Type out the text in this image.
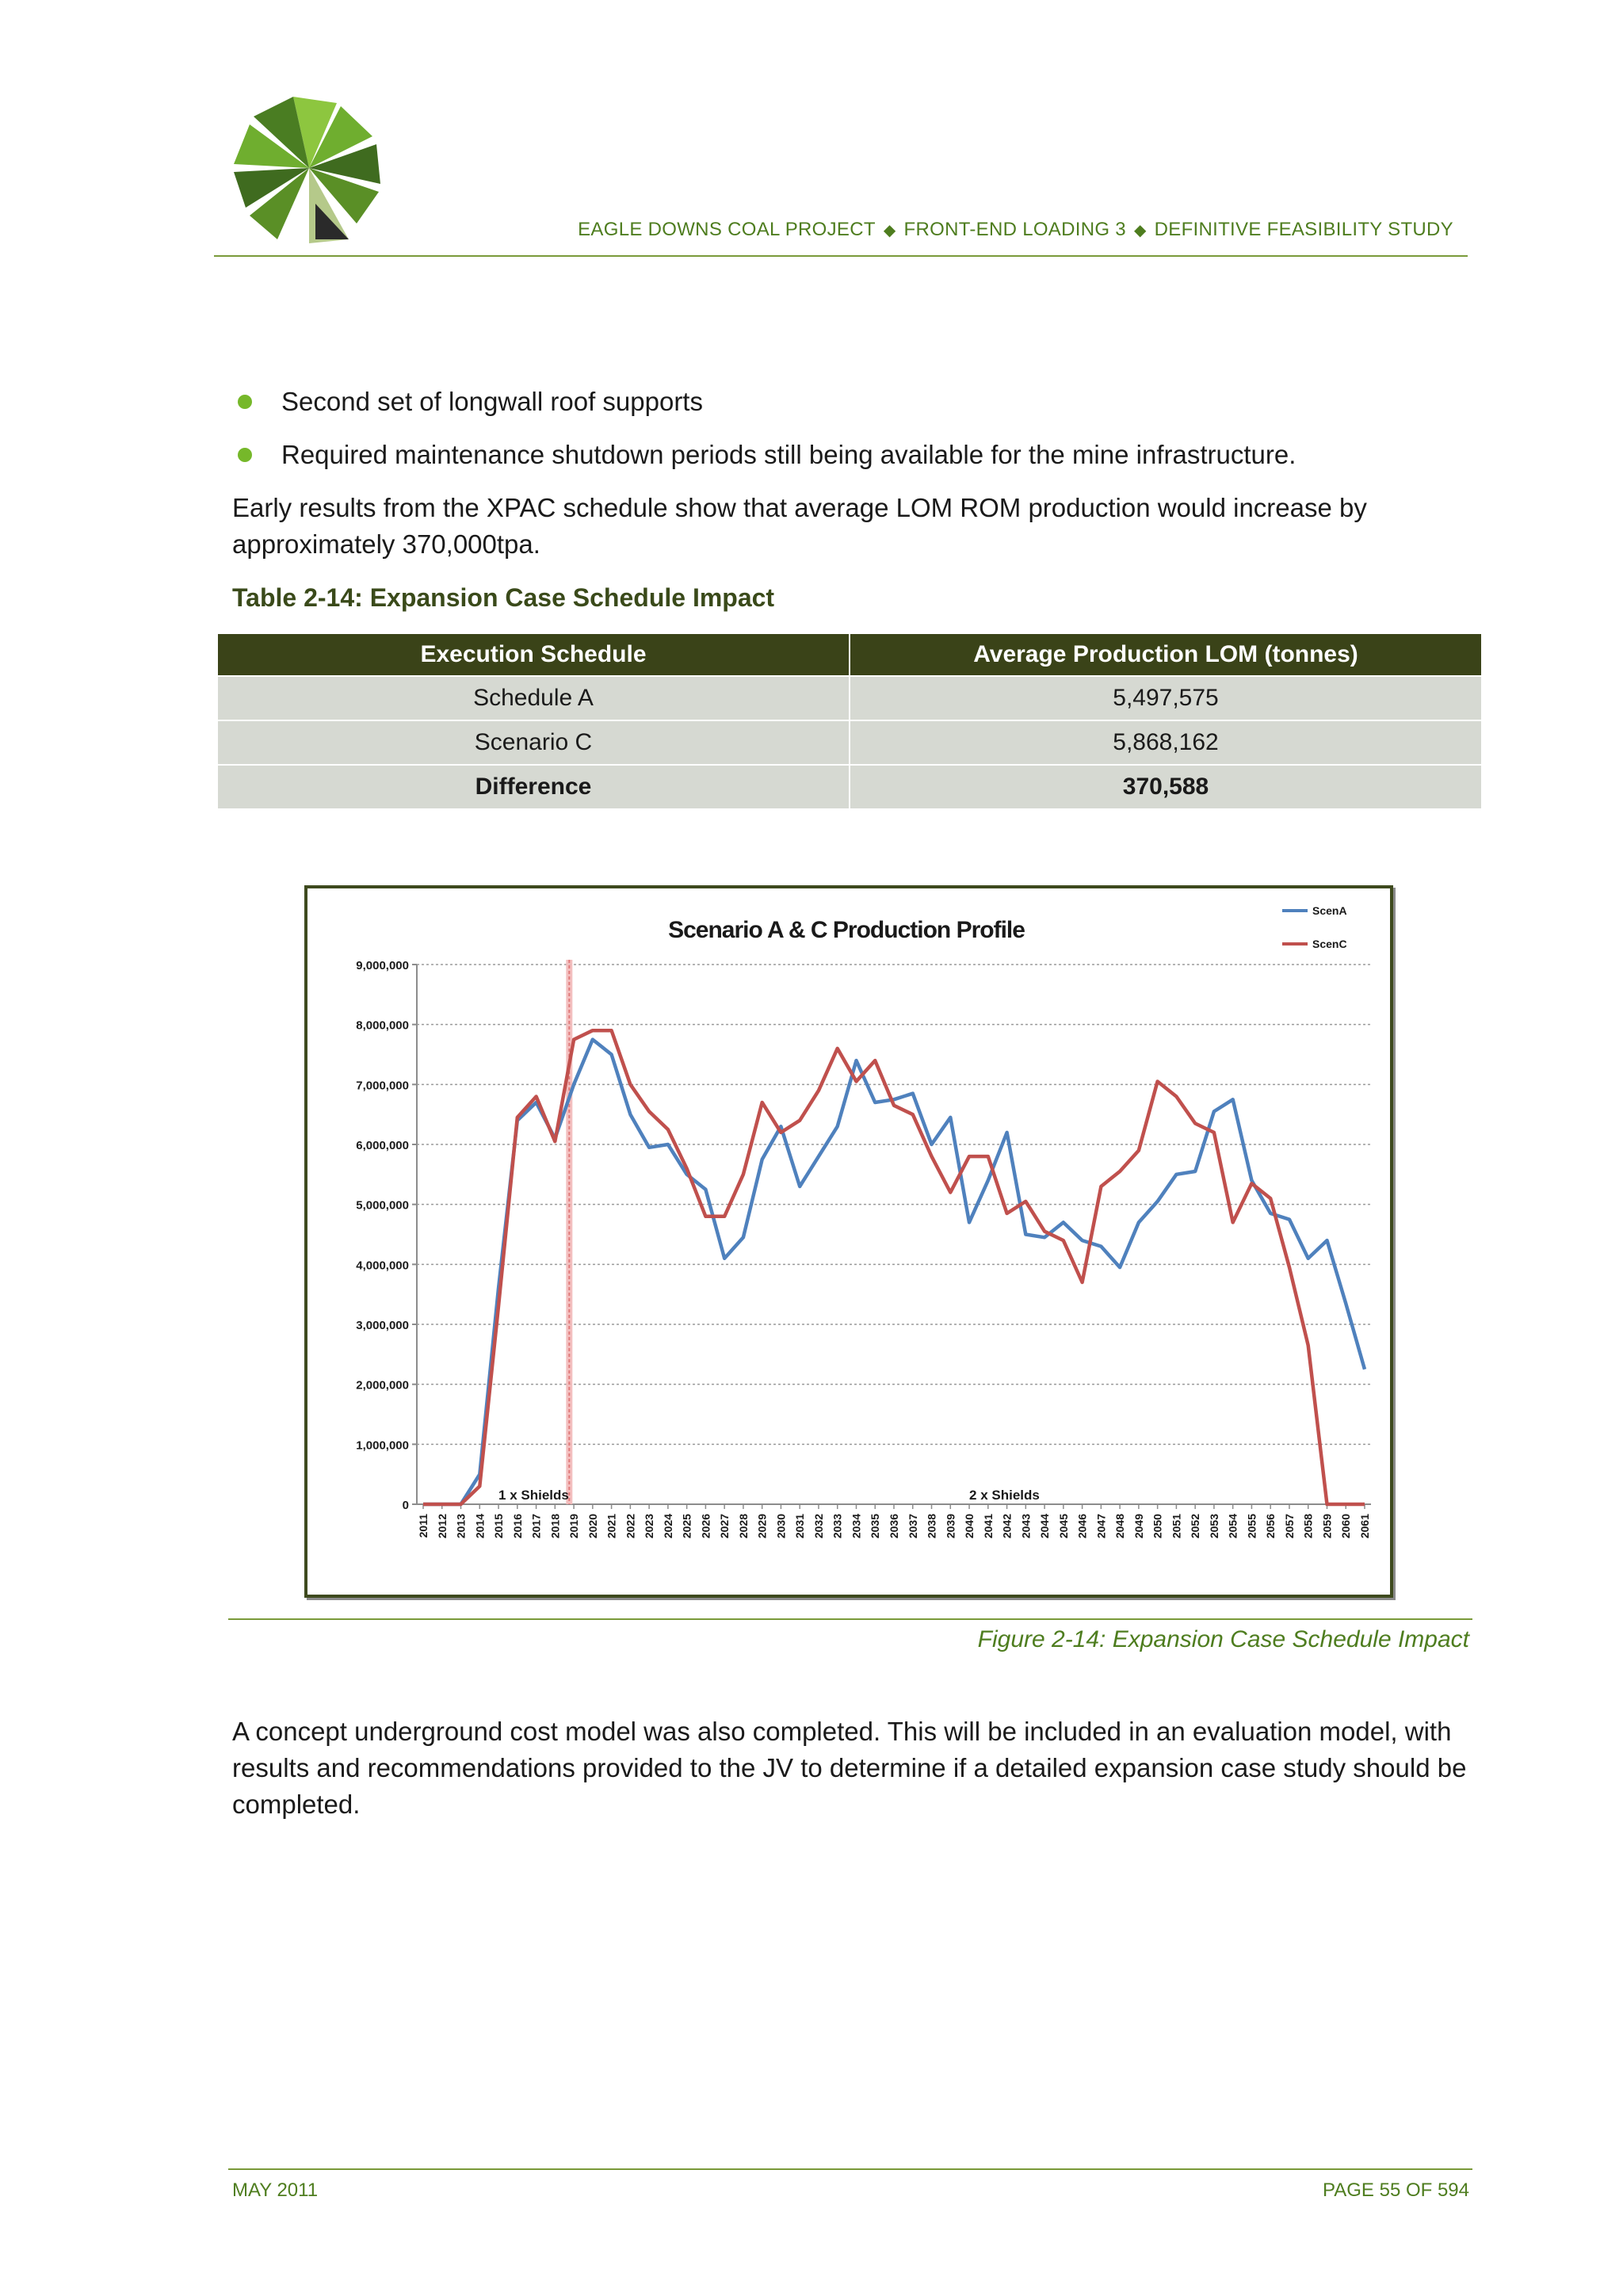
EAGLE DOWNS COAL PROJECT ◆ FRONT-END LOADING 3 ◆ DEFINITIVE FEASIBILITY STUDY
Second set of longwall roof supports
Required maintenance shutdown periods still being available for the mine infrastructure.
Early results from the XPAC schedule show that average LOM ROM production would increase by approximately 370,000tpa.
Table 2-14: Expansion Case Schedule Impact
Execution Schedule	Average Production LOM (tonnes)
Schedule A	5,497,575
Scenario C	5,868,162
Difference	370,588
0
1,000,000
2,000,000
3,000,000
4,000,000
5,000,000
6,000,000
7,000,000
8,000,000
9,000,000
2011 2012 2013 2014 2015 2016 2017 2018 2019 2020 2021 2022 2023 2024 2025 2026 2027 2028 2029 2030 2031 2032 2033 2034 2035 2036 2037 2038 2039 2040 2041 2042 2043 2044 2045 2046 2047 2048 2049 2050 2051 2052 2053 2054 2055 2056 2057 2058 2059 2060 2061
1 x Shields	2 x Shields
Scenario A & C Production Profile
ScenA
ScenC
Figure 2-14: Expansion Case Schedule Impact
A concept underground cost model was also completed. This will be included in an evaluation model, with results and recommendations provided to the JV to determine if a detailed expansion case study should be completed.
MAY 2011	PAGE 55 OF 594
